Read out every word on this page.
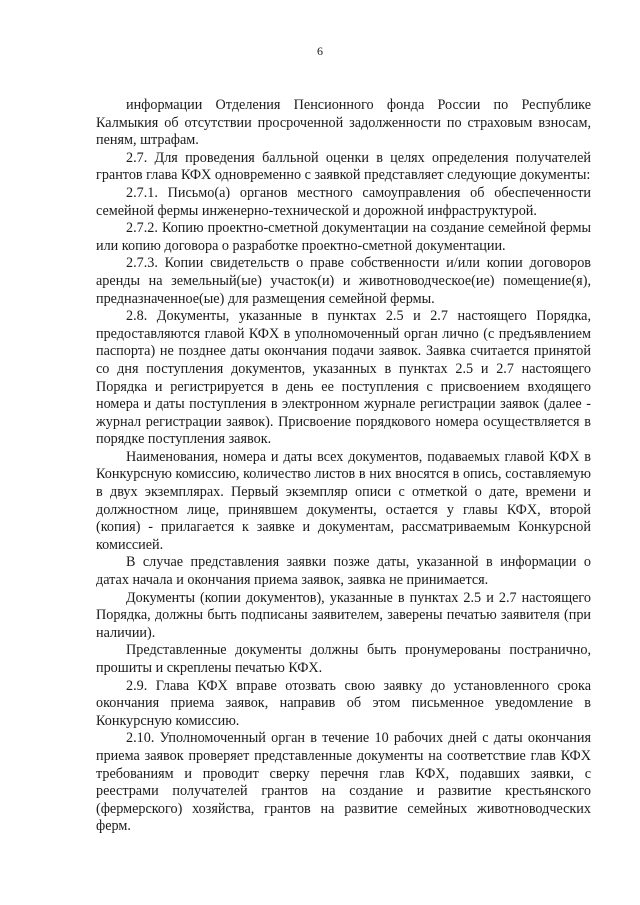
6

информации Отделения Пенсионного фонда России по Республике Калмыкия об отсутствии просроченной задолженности по страховым взносам, пеням, штрафам.

2.7. Для проведения балльной оценки в целях определения получателей грантов глава КФХ одновременно с заявкой представляет следующие документы:

2.7.1. Письмо(а) органов местного самоуправления об обеспеченности семейной фермы инженерно-технической и дорожной инфраструктурой.

2.7.2. Копию проектно-сметной документации на создание семейной фермы или копию договора о разработке проектно-сметной документации.

2.7.3. Копии свидетельств о праве собственности и/или копии договоров аренды на земельный(ые) участок(и) и животноводческое(ие) помещение(я), предназначенное(ые) для размещения семейной фермы.

2.8. Документы, указанные в пунктах 2.5 и 2.7 настоящего Порядка, предоставляются главой КФХ в уполномоченный орган лично (с предъявлением паспорта) не позднее даты окончания подачи заявок. Заявка считается принятой со дня поступления документов, указанных в пунктах 2.5 и 2.7 настоящего Порядка и регистрируется в день ее поступления с присвоением входящего номера и даты поступления в электронном журнале регистрации заявок (далее - журнал регистрации заявок). Присвоение порядкового номера осуществляется в порядке поступления заявок.

Наименования, номера и даты всех документов, подаваемых главой КФХ в Конкурсную комиссию, количество листов в них вносятся в опись, составляемую в двух экземплярах. Первый экземпляр описи с отметкой о дате, времени и должностном лице, принявшем документы, остается у главы КФХ, второй (копия) - прилагается к заявке и документам, рассматриваемым Конкурсной комиссией.

В случае представления заявки позже даты, указанной в информации о датах начала и окончания приема заявок, заявка не принимается.

Документы (копии документов), указанные в пунктах 2.5 и 2.7 настоящего Порядка, должны быть подписаны заявителем, заверены печатью заявителя (при наличии).

Представленные документы должны быть пронумерованы постранично, прошиты и скреплены печатью КФХ.

2.9. Глава КФХ вправе отозвать свою заявку до установленного срока окончания приема заявок, направив об этом письменное уведомление в Конкурсную комиссию.

2.10. Уполномоченный орган в течение 10 рабочих дней с даты окончания приема заявок проверяет представленные документы на соответствие глав КФХ требованиям и проводит сверку перечня глав КФХ, подавших заявки, с реестрами получателей грантов на создание и развитие крестьянского (фермерского) хозяйства, грантов на развитие семейных животноводческих ферм.
